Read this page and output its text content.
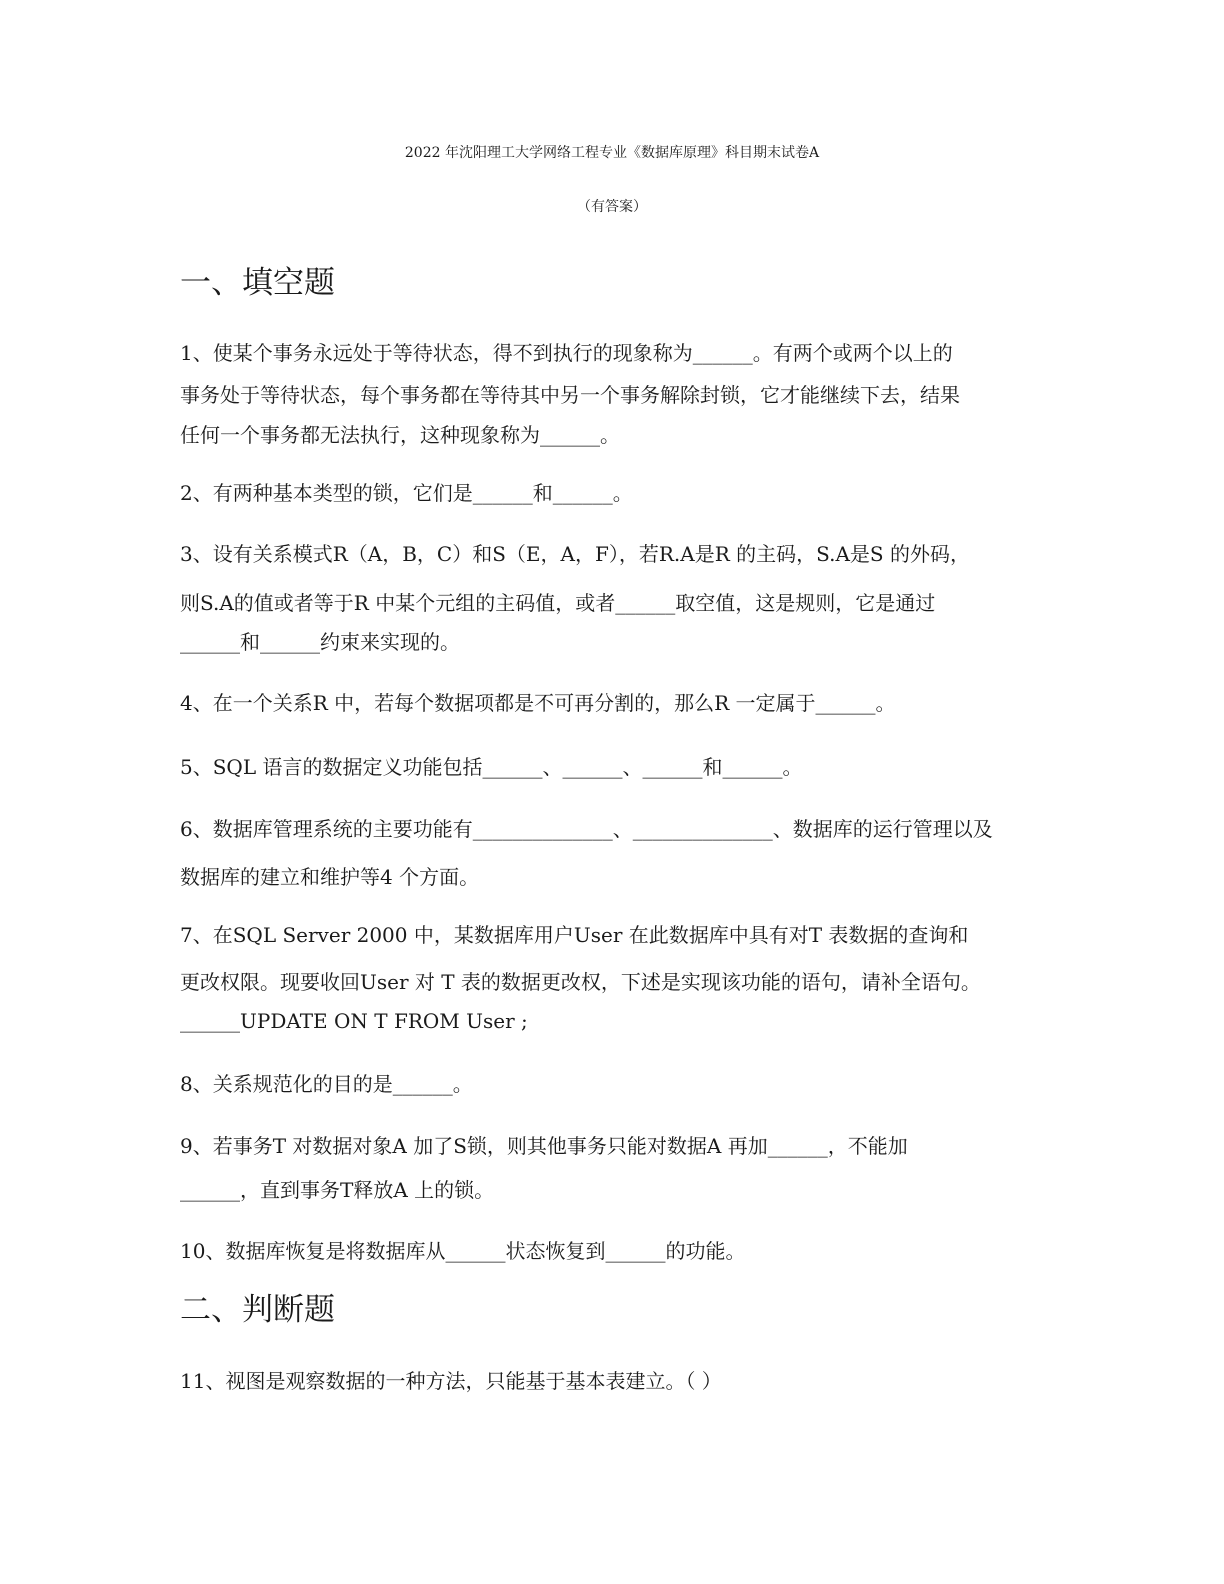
2022 年沈阳理工大学网络工程专业《数据库原理》科目期末试卷A
（有答案）
一、填空题
1、使某个事务永远处于等待状态，得不到执行的现象称为______。有两个或两个以上的
事务处于等待状态，每个事务都在等待其中另一个事务解除封锁，它才能继续下去，结果
任何一个事务都无法执行，这种现象称为______。
2、有两种基本类型的锁，它们是______和______。
3、设有关系模式R（A，B，C）和S（E，A，F），若R.A是R 的主码，S.A是S 的外码，
则S.A的值或者等于R 中某个元组的主码值，或者______取空值，这是规则，它是通过
______和______约束来实现的。
4、在一个关系R 中，若每个数据项都是不可再分割的，那么R 一定属于______。
5、SQL 语言的数据定义功能包括______、______、______和______。
6、数据库管理系统的主要功能有______________、______________、数据库的运行管理以及
数据库的建立和维护等4 个方面。
7、在SQL Server 2000 中，某数据库用户User 在此数据库中具有对T 表数据的查询和
更改权限。现要收回User 对 T 表的数据更改权，下述是实现该功能的语句，请补全语句。
______UPDATE ON T FROM User ;
8、关系规范化的目的是______。
9、若事务T 对数据对象A 加了S锁，则其他事务只能对数据A 再加______，不能加
______，直到事务T释放A 上的锁。
10、数据库恢复是将数据库从______状态恢复到______的功能。
二、判断题
11、视图是观察数据的一种方法，只能基于基本表建立。（ ）
